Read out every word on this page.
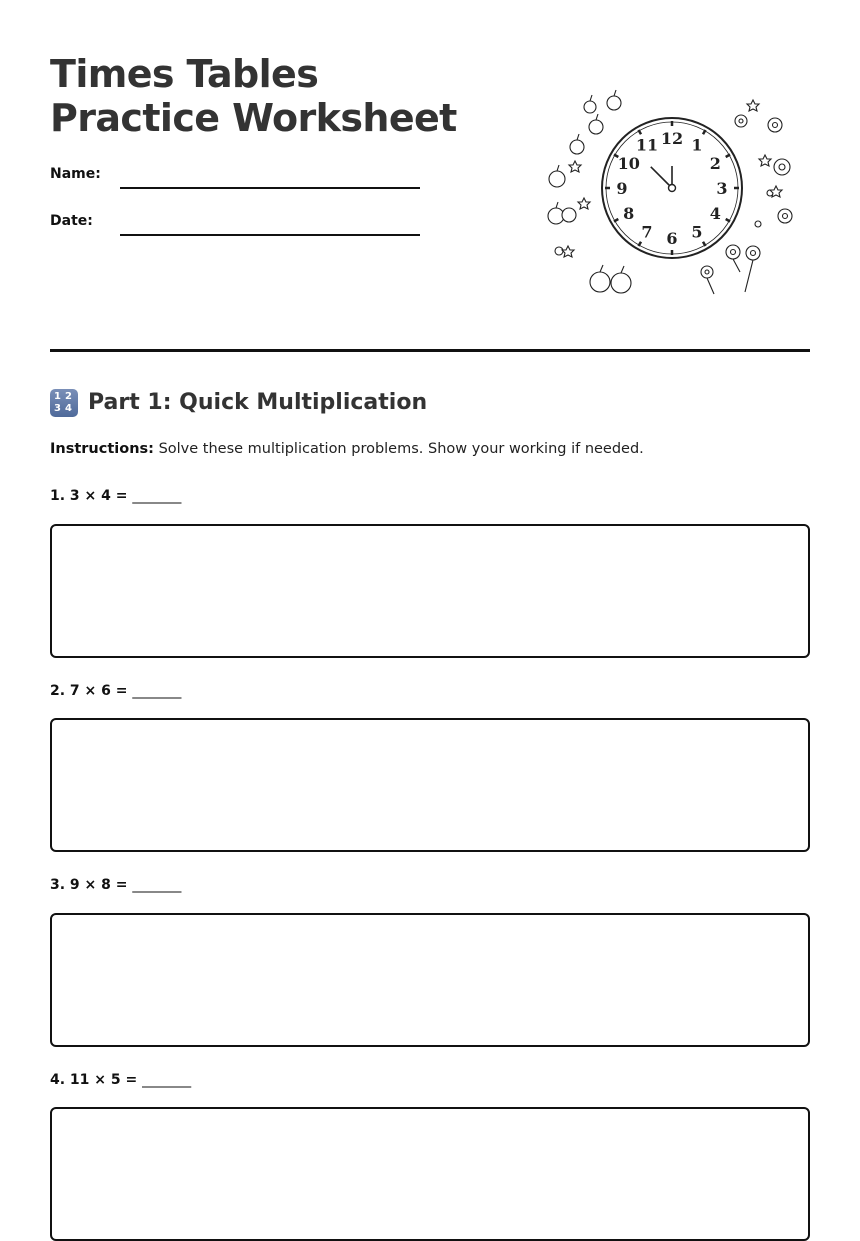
Times Tables Practice Worksheet
Name:
Date:
12 1
2
3
4
5
6
7
8
9
10
11
1 2
3 4 Part 1: Quick Multiplication
Instructions: Solve these multiplication problems. Show your working if needed.
1. 3 × 4 = _______
2. 7 × 6 = _______
3. 9 × 8 = _______
4. 11 × 5 = _______
